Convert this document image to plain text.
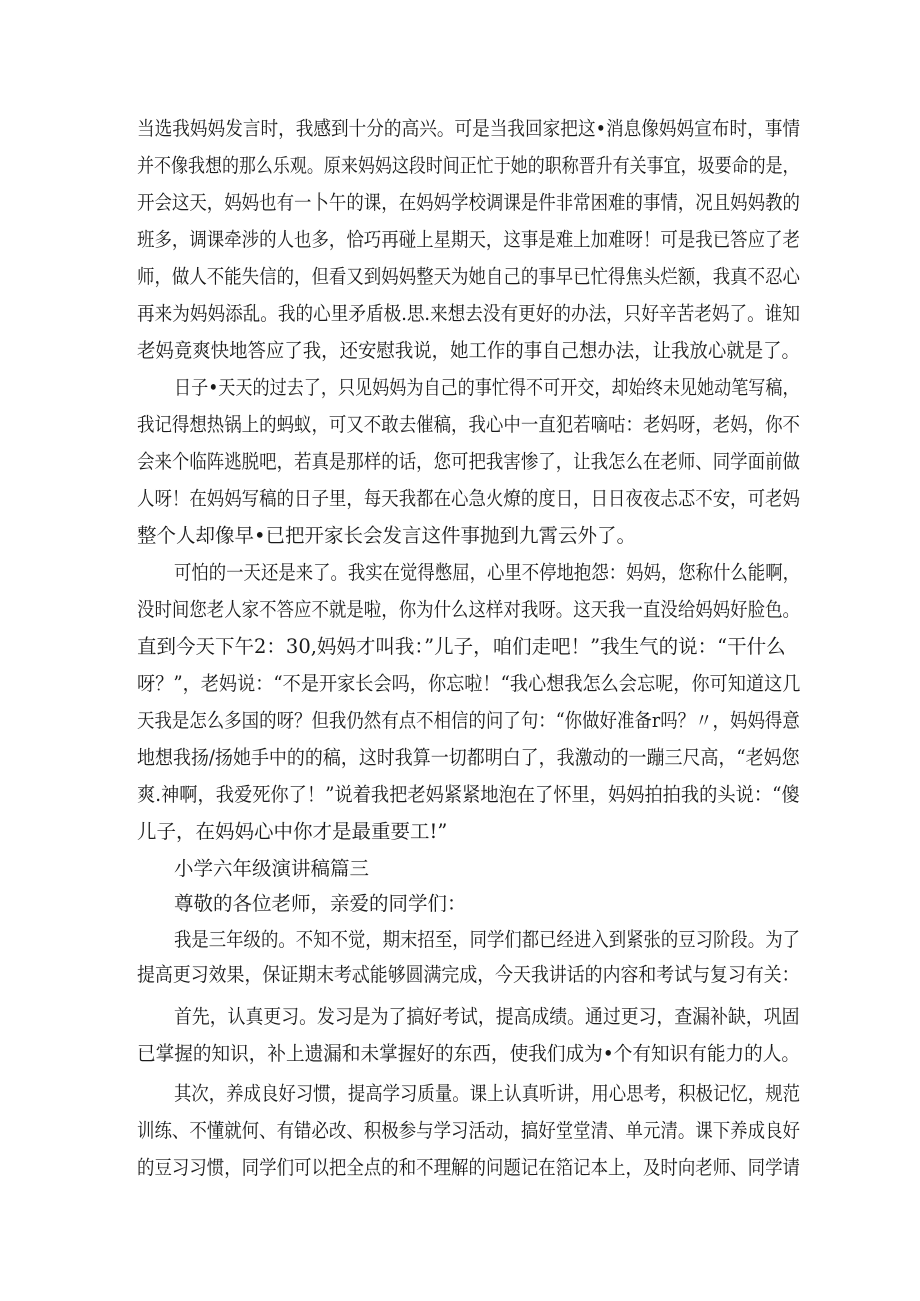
当选我妈妈发言时，我感到十分的高兴。可是当我回家把这•消息像妈妈宣布时，事情
并不像我想的那么乐观。原来妈妈这段时间正忙于她的职称晋升有关事宜，圾要命的是，
开会这天，妈妈也有一卜午的课，在妈妈学校调课是件非常困难的事情，况且妈妈教的
班多，调课牵涉的人也多，恰巧再碰上星期天，这事是难上加难呀！可是我已答应了老
师，做人不能失信的，但看又到妈妈整天为她自己的事早已忙得焦头烂额，我真不忍心
再来为妈妈添乱。我的心里矛盾极.思.来想去没有更好的办法，只好辛苦老妈了。谁知
老妈竟爽快地答应了我，还安慰我说，她工作的事自己想办法，让我放心就是了。
日子•天天的过去了，只见妈妈为自己的事忙得不可开交，却始终未见她动笔写稿，
我记得想热锅上的蚂蚁，可又不敢去催稿，我心中一直犯若嘀咕：老妈呀，老妈，你不
会来个临阵逃脱吧，若真是那样的话，您可把我害惨了，让我怎么在老师、同学面前做
人呀！在妈妈写稿的日子里，每天我都在心急火燎的度日，日日夜夜忐忑不安，可老妈
整个人却像早•已把开家长会发言这件事抛到九霄云外了。
可怕的一天还是来了。我实在觉得憋屈，心里不停地抱怨：妈妈，您称什么能啊，
没时间您老人家不答应不就是啦，你为什么这样对我呀。这天我一直没给妈妈好脸色。
直到今天下午2：30,妈妈才叫我：”儿子，咱们走吧！”我生气的说：“干什么
呀？”，老妈说：“不是开家长会吗，你忘啦！“我心想我怎么会忘呢，你可知道这几
天我是怎么多国的呀？但我仍然有点不相信的问了句：“你做好准备r吗？〃，妈妈得意
地想我扬/扬她手中的的稿，这时我算一切都明白了，我激动的一蹦三尺高，“老妈您
爽.神啊，我爱死你了！”说着我把老妈紧紧地泡在了怀里，妈妈拍拍我的头说：“傻
儿子，在妈妈心中你才是最重要工!”
小学六年级演讲稿篇三
尊敬的各位老师，亲爱的同学们：
我是三年级的。不知不觉，期末招至，同学们都已经进入到紧张的豆习阶段。为了
提高更习效果，保证期末考忒能够圆满完成，今天我讲话的内容和考试与复习有关：
首先，认真更习。发习是为了搞好考试，提高成绩。通过更习，查漏补缺，巩固
已掌握的知识，补上遗漏和未掌握好的东西，使我们成为•个有知识有能力的人。
其次，养成良好习惯，提高学习质量。课上认真听讲，用心思考，积极记忆，规范
训练、不懂就何、有错必改、积极参与学习活动，搞好堂堂清、单元清。课下养成良好
的豆习习惯，同学们可以把全点的和不理解的问题记在箔记本上，及时向老师、同学请
